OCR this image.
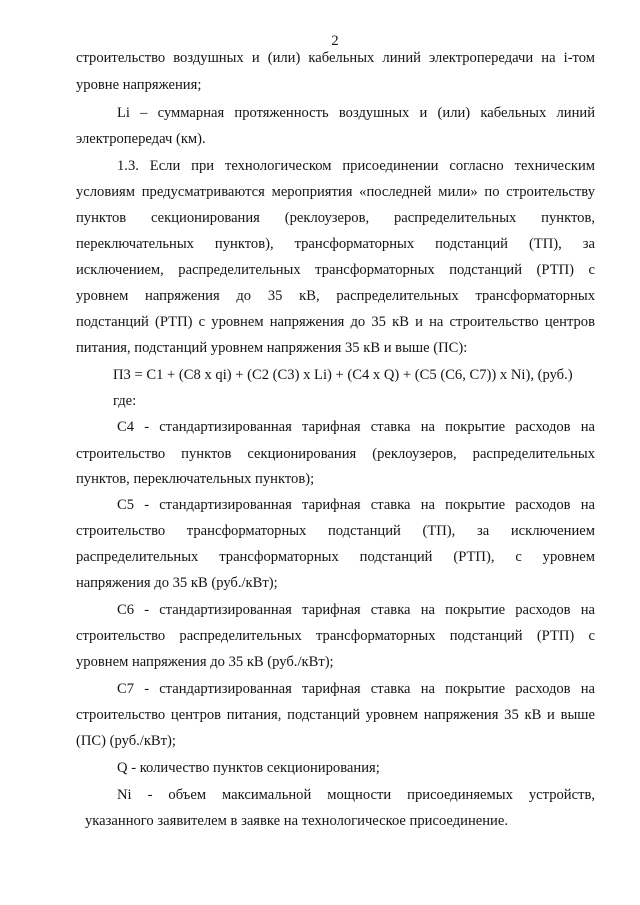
2
строительство воздушных и (или) кабельных линий электропередачи на i-том
уровне напряжения;
Li – суммарная протяженность воздушных и (или) кабельных линий
электропередач (км).
1.3. Если при технологическом присоединении согласно техническим
условиям предусматриваются мероприятия «последней мили» по строительству
пунктов секционирования (реклоузеров, распределительных пунктов,
переключательных пунктов), трансформаторных подстанций (ТП), за
исключением, распределительных трансформаторных подстанций (РТП) с
уровнем напряжения до 35 кВ, распределительных трансформаторных
подстанций (РТП) с уровнем напряжения до 35 кВ и на строительство центров
питания, подстанций уровнем напряжения 35 кВ и выше (ПС):
П3 = С1 + (С8 x qi) + (С2 (С3) x Li) + (С4 x Q) + (С5 (С6, С7)) x Ni), (руб.)
где:
С4 - стандартизированная тарифная ставка на покрытие расходов на
строительство пунктов секционирования (реклоузеров, распределительных
пунктов, переключательных пунктов);
С5 - стандартизированная тарифная ставка на покрытие расходов на
строительство трансформаторных подстанций (ТП), за исключением
распределительных трансформаторных подстанций (РТП), с уровнем
напряжения до 35 кВ (руб./кВт);
С6 - стандартизированная тарифная ставка на покрытие расходов на
строительство распределительных трансформаторных подстанций (РТП) с
уровнем напряжения до 35 кВ (руб./кВт);
С7 - стандартизированная тарифная ставка на покрытие расходов на
строительство центров питания, подстанций уровнем напряжения 35 кВ и выше
(ПС) (руб./кВт);
Q - количество пунктов секционирования;
Ni - объем максимальной мощности присоединяемых устройств,
указанного заявителем в заявке на технологическое присоединение.
